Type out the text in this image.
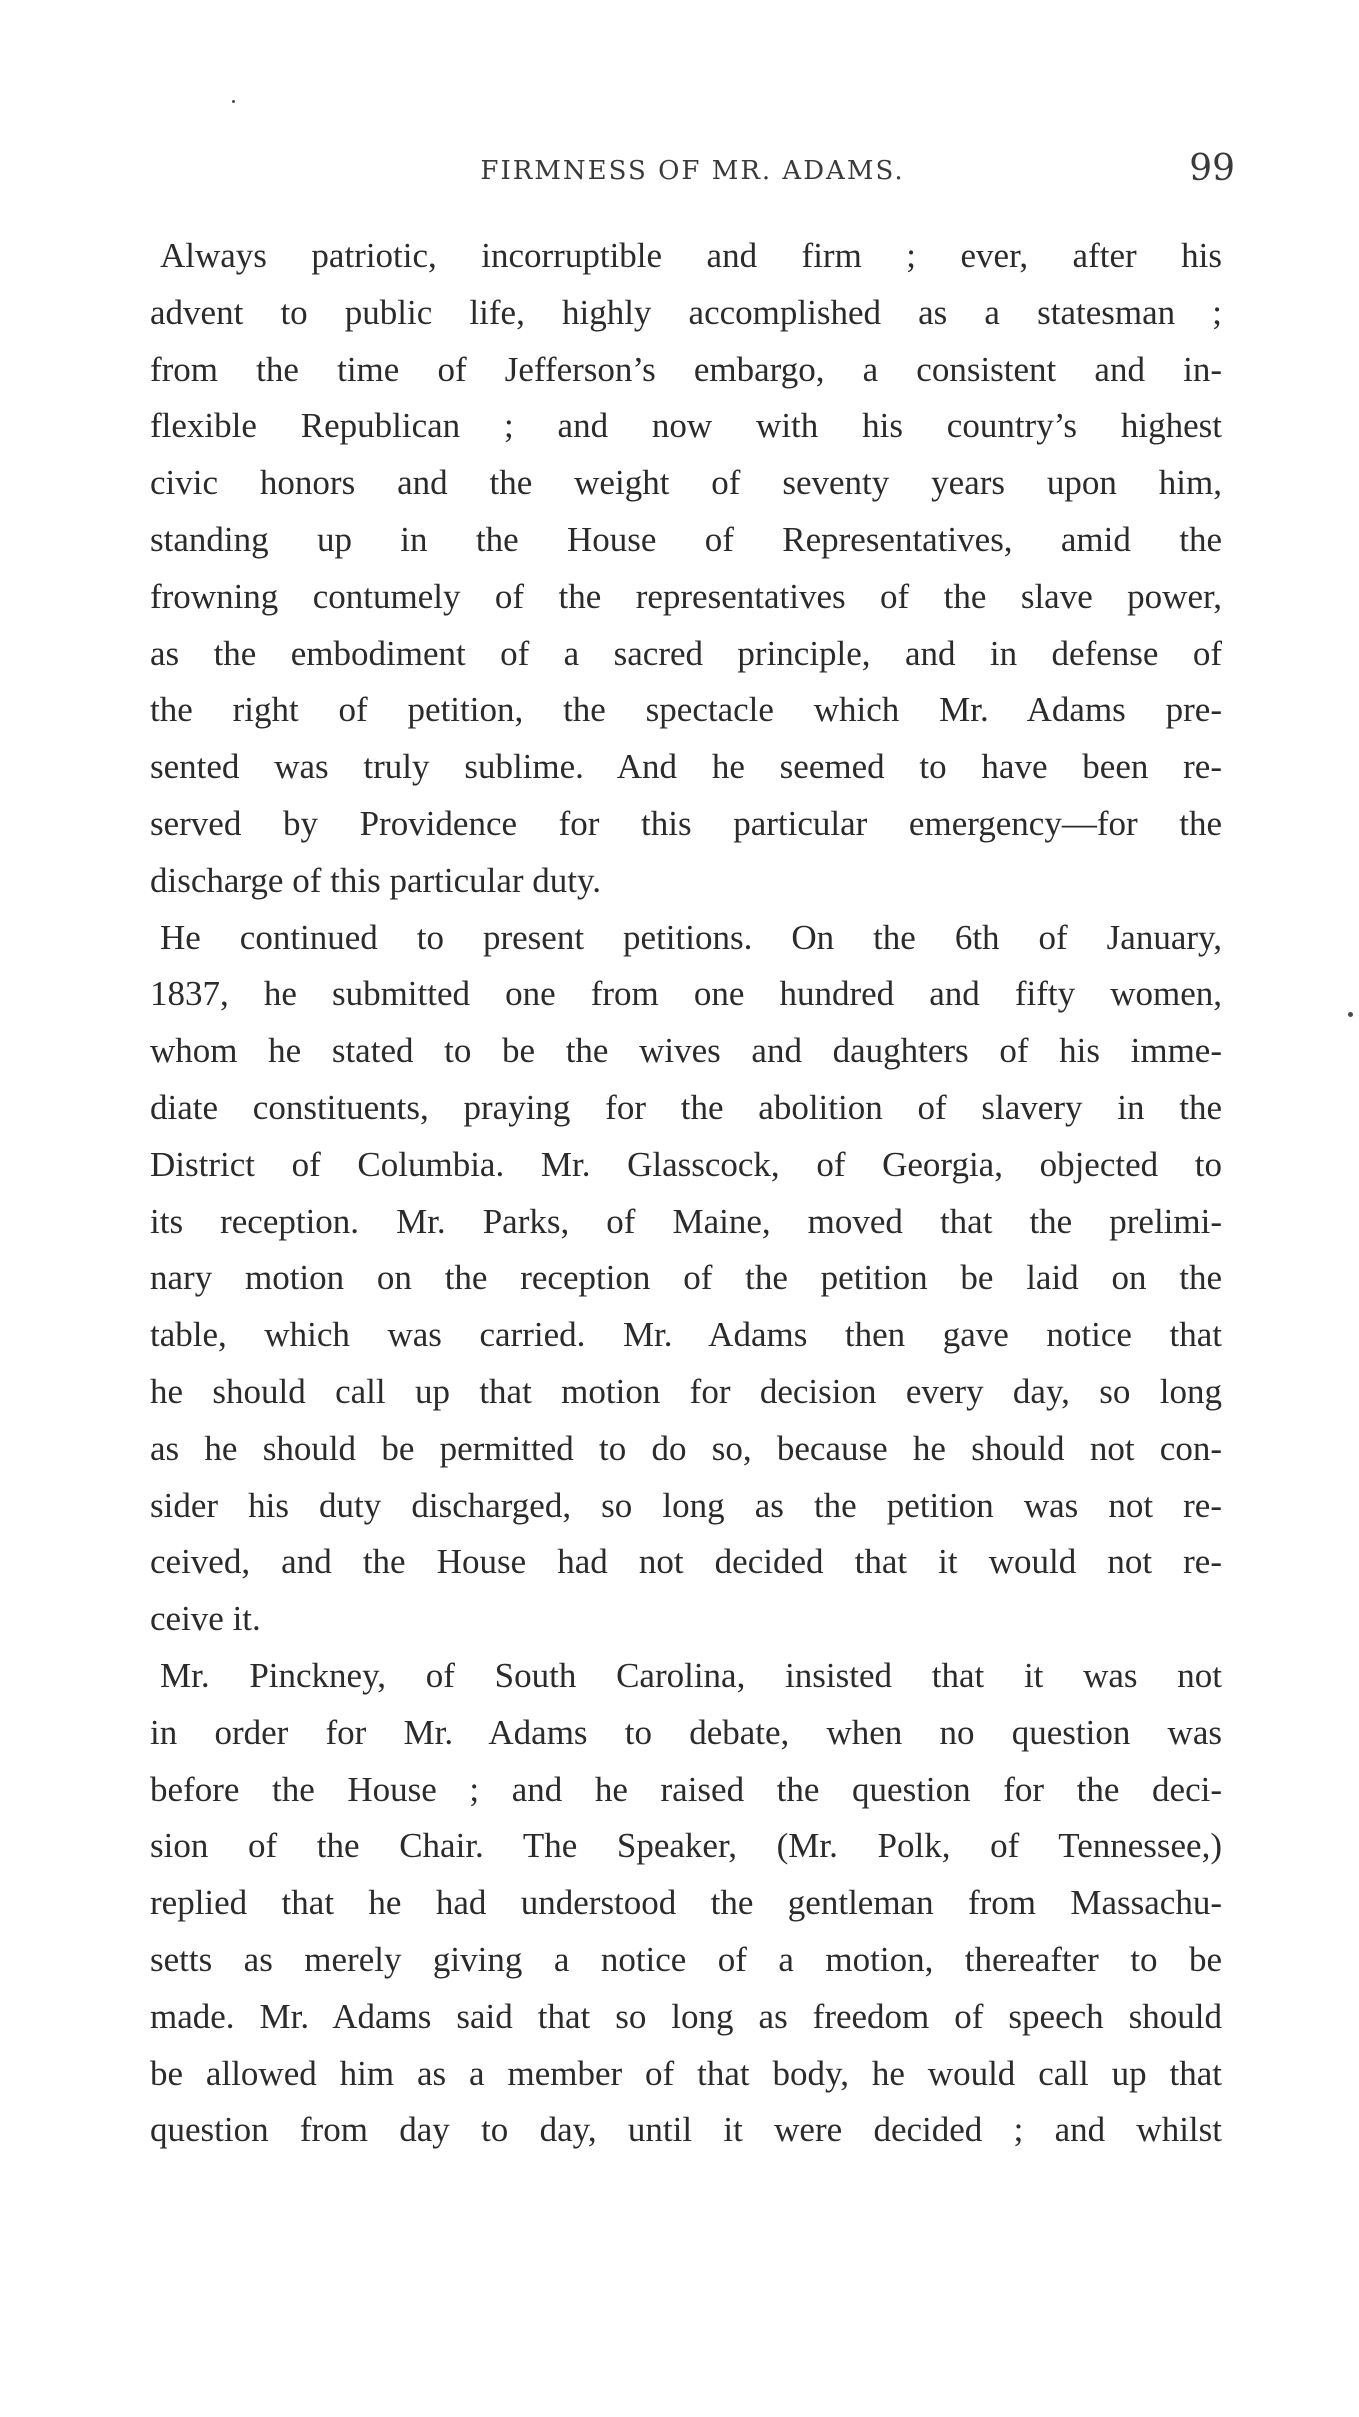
FIRMNESS OF MR. ADAMS.	99
Always patriotic, incorruptible and firm ; ever, after his
advent to public life, highly accomplished as a statesman ;
from the time of Jefferson’s embargo, a consistent and in-
flexible Republican ; and now with his country’s highest
civic honors and the weight of seventy years upon him,
standing up in the House of Representatives, amid the
frowning contumely of the representatives of the slave power,
as the embodiment of a sacred principle, and in defense of
the right of petition, the spectacle which Mr. Adams pre-
sented was truly sublime. And he seemed to have been re-
served by Providence for this particular emergency—for the
discharge of this particular duty.
He continued to present petitions. On the 6th of January,
1837, he submitted one from one hundred and fifty women,
whom he stated to be the wives and daughters of his imme-
diate constituents, praying for the abolition of slavery in the
District of Columbia. Mr. Glasscock, of Georgia, objected to
its reception. Mr. Parks, of Maine, moved that the prelimi-
nary motion on the reception of the petition be laid on the
table, which was carried. Mr. Adams then gave notice that
he should call up that motion for decision every day, so long
as he should be permitted to do so, because he should not con-
sider his duty discharged, so long as the petition was not re-
ceived, and the House had not decided that it would not re-
ceive it.
Mr. Pinckney, of South Carolina, insisted that it was not
in order for Mr. Adams to debate, when no question was
before the House ; and he raised the question for the deci-
sion of the Chair. The Speaker, (Mr. Polk, of Tennessee,)
replied that he had understood the gentleman from Massachu-
setts as merely giving a notice of a motion, thereafter to be
made. Mr. Adams said that so long as freedom of speech should
be allowed him as a member of that body, he would call up that
question from day to day, until it were decided ; and whilst
